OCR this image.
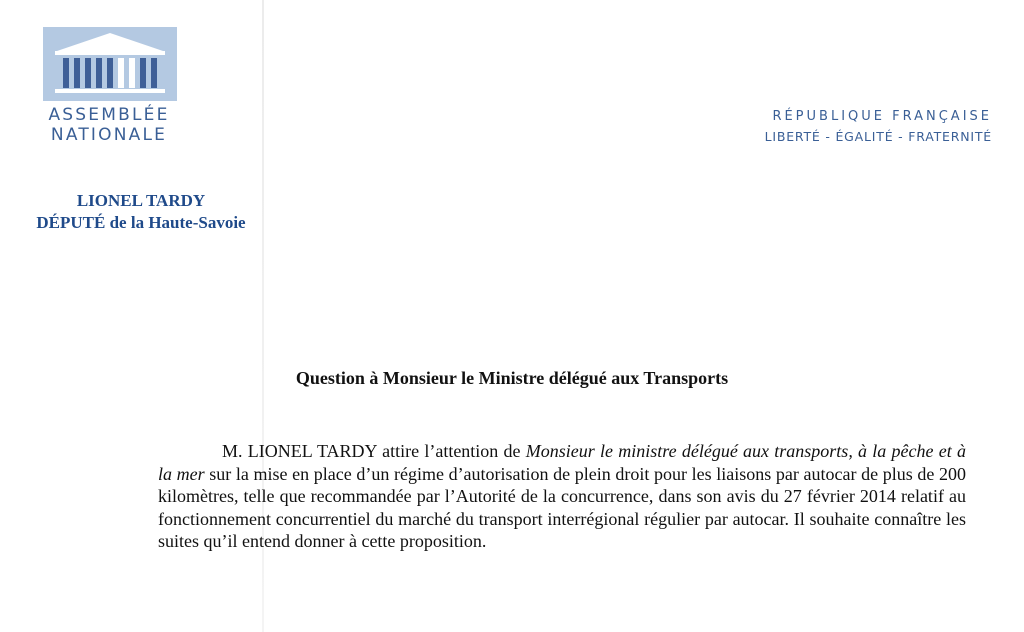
ASSEMBLÉE
NATIONALE
RÉPUBLIQUE FRANÇAISE
LIBERTÉ - ÉGALITÉ - FRATERNITÉ
LIONEL TARDY
DÉPUTÉ de la Haute-Savoie
Question à Monsieur le Ministre délégué aux Transports
M. LIONEL TARDY attire l’attention de Monsieur le ministre délégué aux transports, à la pêche et à la mer sur la mise en place d’un régime d’autorisation de plein droit pour les liaisons par autocar de plus de 200 kilomètres, telle que recommandée par l’Autorité de la concurrence, dans son avis du 27 février 2014 relatif au fonctionnement concurrentiel du marché du transport interrégional régulier par autocar. Il souhaite connaître les suites qu’il entend donner à cette proposition.
